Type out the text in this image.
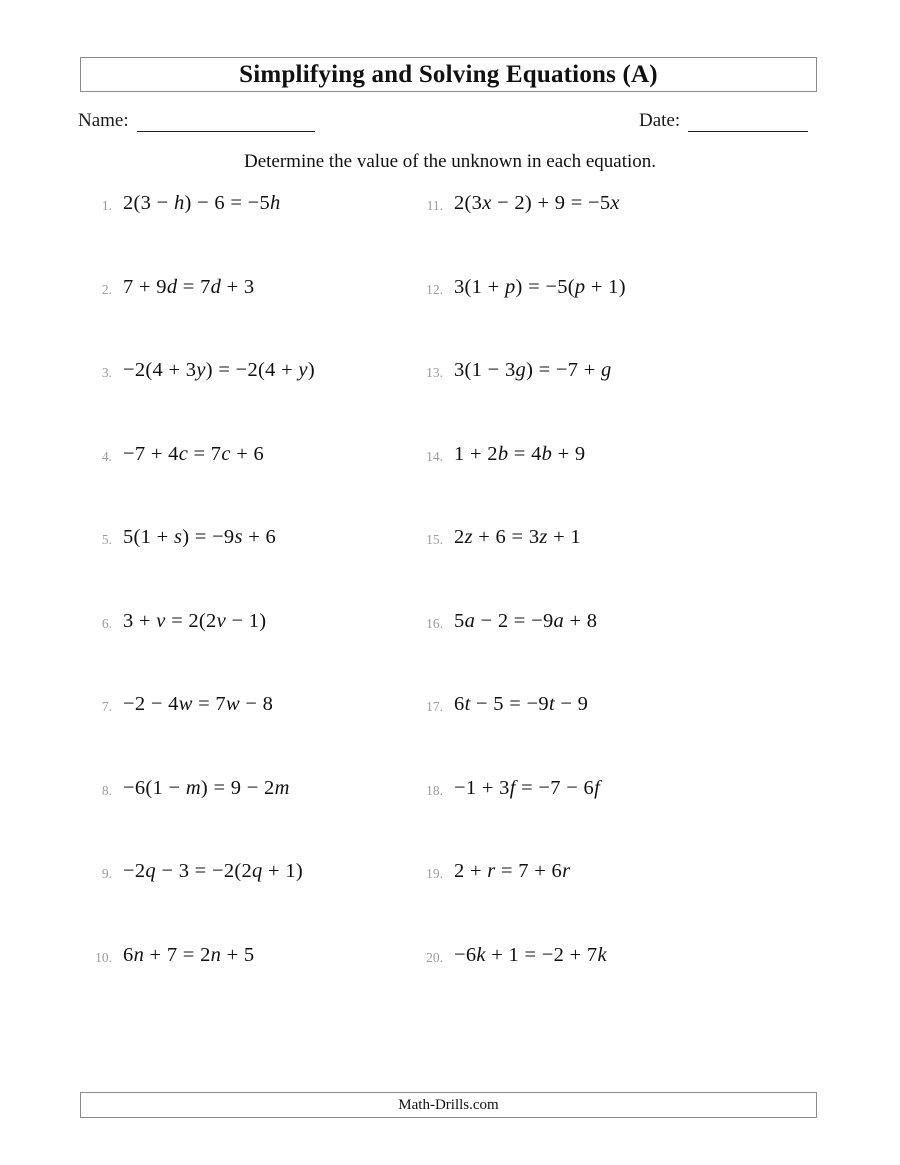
Simplifying and Solving Equations (A)
Name:	Date:
Determine the value of the unknown in each equation.
1. 2(3 − h) − 6 = −5h
2. 7 + 9d = 7d + 3
3. −2(4 + 3y) = −2(4 + y)
4. −7 + 4c = 7c + 6
5. 5(1 + s) = −9s + 6
6. 3 + v = 2(2v − 1)
7. −2 − 4w = 7w − 8
8. −6(1 − m) = 9 − 2m
9. −2q − 3 = −2(2q + 1)
10. 6n + 7 = 2n + 5
11. 2(3x − 2) + 9 = −5x
12. 3(1 + p) = −5(p + 1)
13. 3(1 − 3g) = −7 + g
14. 1 + 2b = 4b + 9
15. 2z + 6 = 3z + 1
16. 5a − 2 = −9a + 8
17. 6t − 5 = −9t − 9
18. −1 + 3f = −7 − 6f
19. 2 + r = 7 + 6r
20. −6k + 1 = −2 + 7k
Math-Drills.com
